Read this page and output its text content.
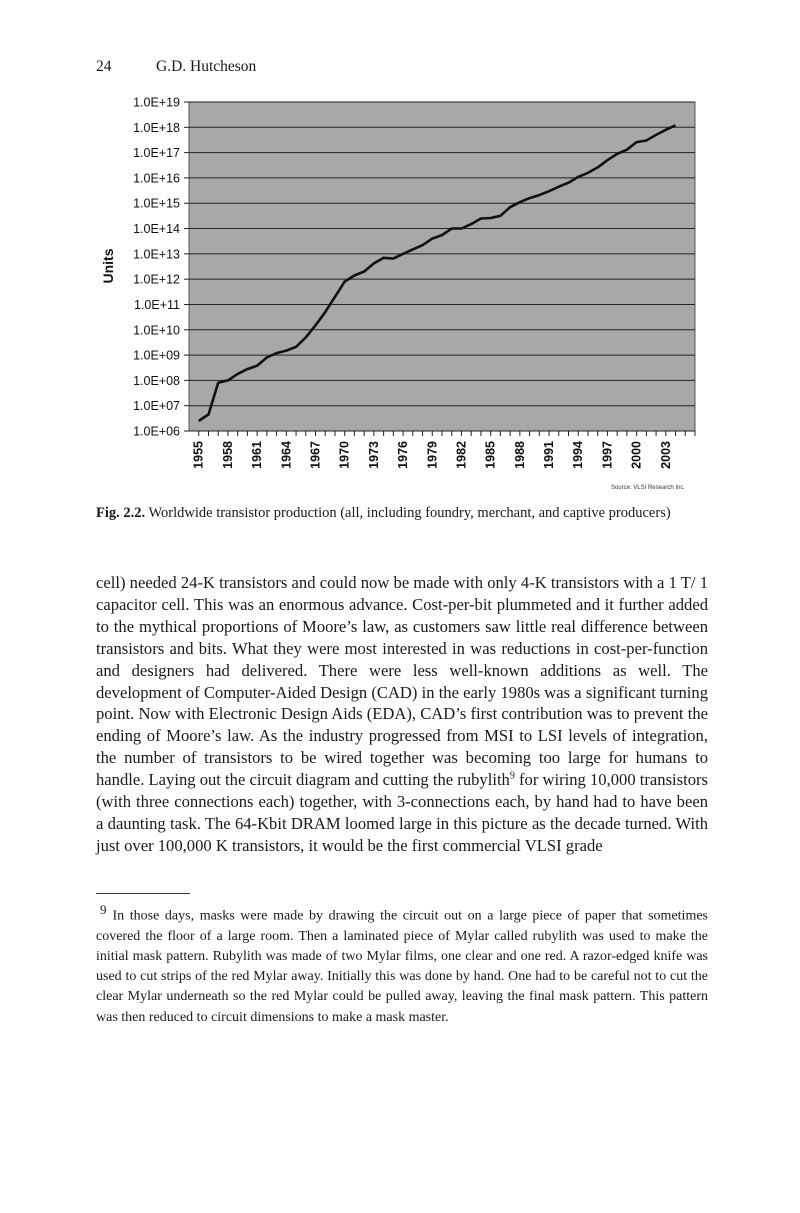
24	G.D. Hutcheson
1.0E+19
1.0E+18
1.0E+17
1.0E+16
1.0E+15
1.0E+14
1.0E+13
1.0E+12
1.0E+11
1.0E+10
1.0E+09
1.0E+08
1.0E+07
1.0E+06
1955 1958 1961 1964 1967 1970 1973 1976 1979 1982 1985 1988 1991 1994 1997 2000 2003
Units
Source: VLSI Research Inc.
Fig. 2.2. Worldwide transistor production (all, including foundry, merchant, and captive producers)

cell) needed 24-K transistors and could now be made with only 4-K transistors with a 1 T/ 1 capacitor cell. This was an enormous advance. Cost-per-bit plummeted and it further added to the mythical proportions of Moore’s law, as customers saw little real difference between transistors and bits. What they were most interested in was reductions in cost-per-function and designers had delivered. There were less well-known additions as well. The development of Computer-Aided Design (CAD) in the early 1980s was a significant turning point. Now with Electronic Design Aids (EDA), CAD’s first contribution was to prevent the ending of Moore’s law. As the industry progressed from MSI to LSI levels of integration, the number of transistors to be wired together was becoming too large for humans to handle. Laying out the circuit diagram and cutting the rubylith$^9$ for wiring 10,000 transistors (with three connections each) together, with 3-connections each, by hand had to have been a daunting task. The 64-Kbit DRAM loomed large in this picture as the decade turned. With just over 100,000 K transistors, it would be the first commercial VLSI grade

9 In those days, masks were made by drawing the circuit out on a large piece of paper that sometimes covered the floor of a large room. Then a laminated piece of Mylar called rubylith was used to make the initial mask pattern. Rubylith was made of two Mylar films, one clear and one red. A razor-edged knife was used to cut strips of the red Mylar away. Initially this was done by hand. One had to be careful not to cut the clear Mylar underneath so the red Mylar could be pulled away, leaving the final mask pattern. This pattern was then reduced to circuit dimensions to make a mask master.
